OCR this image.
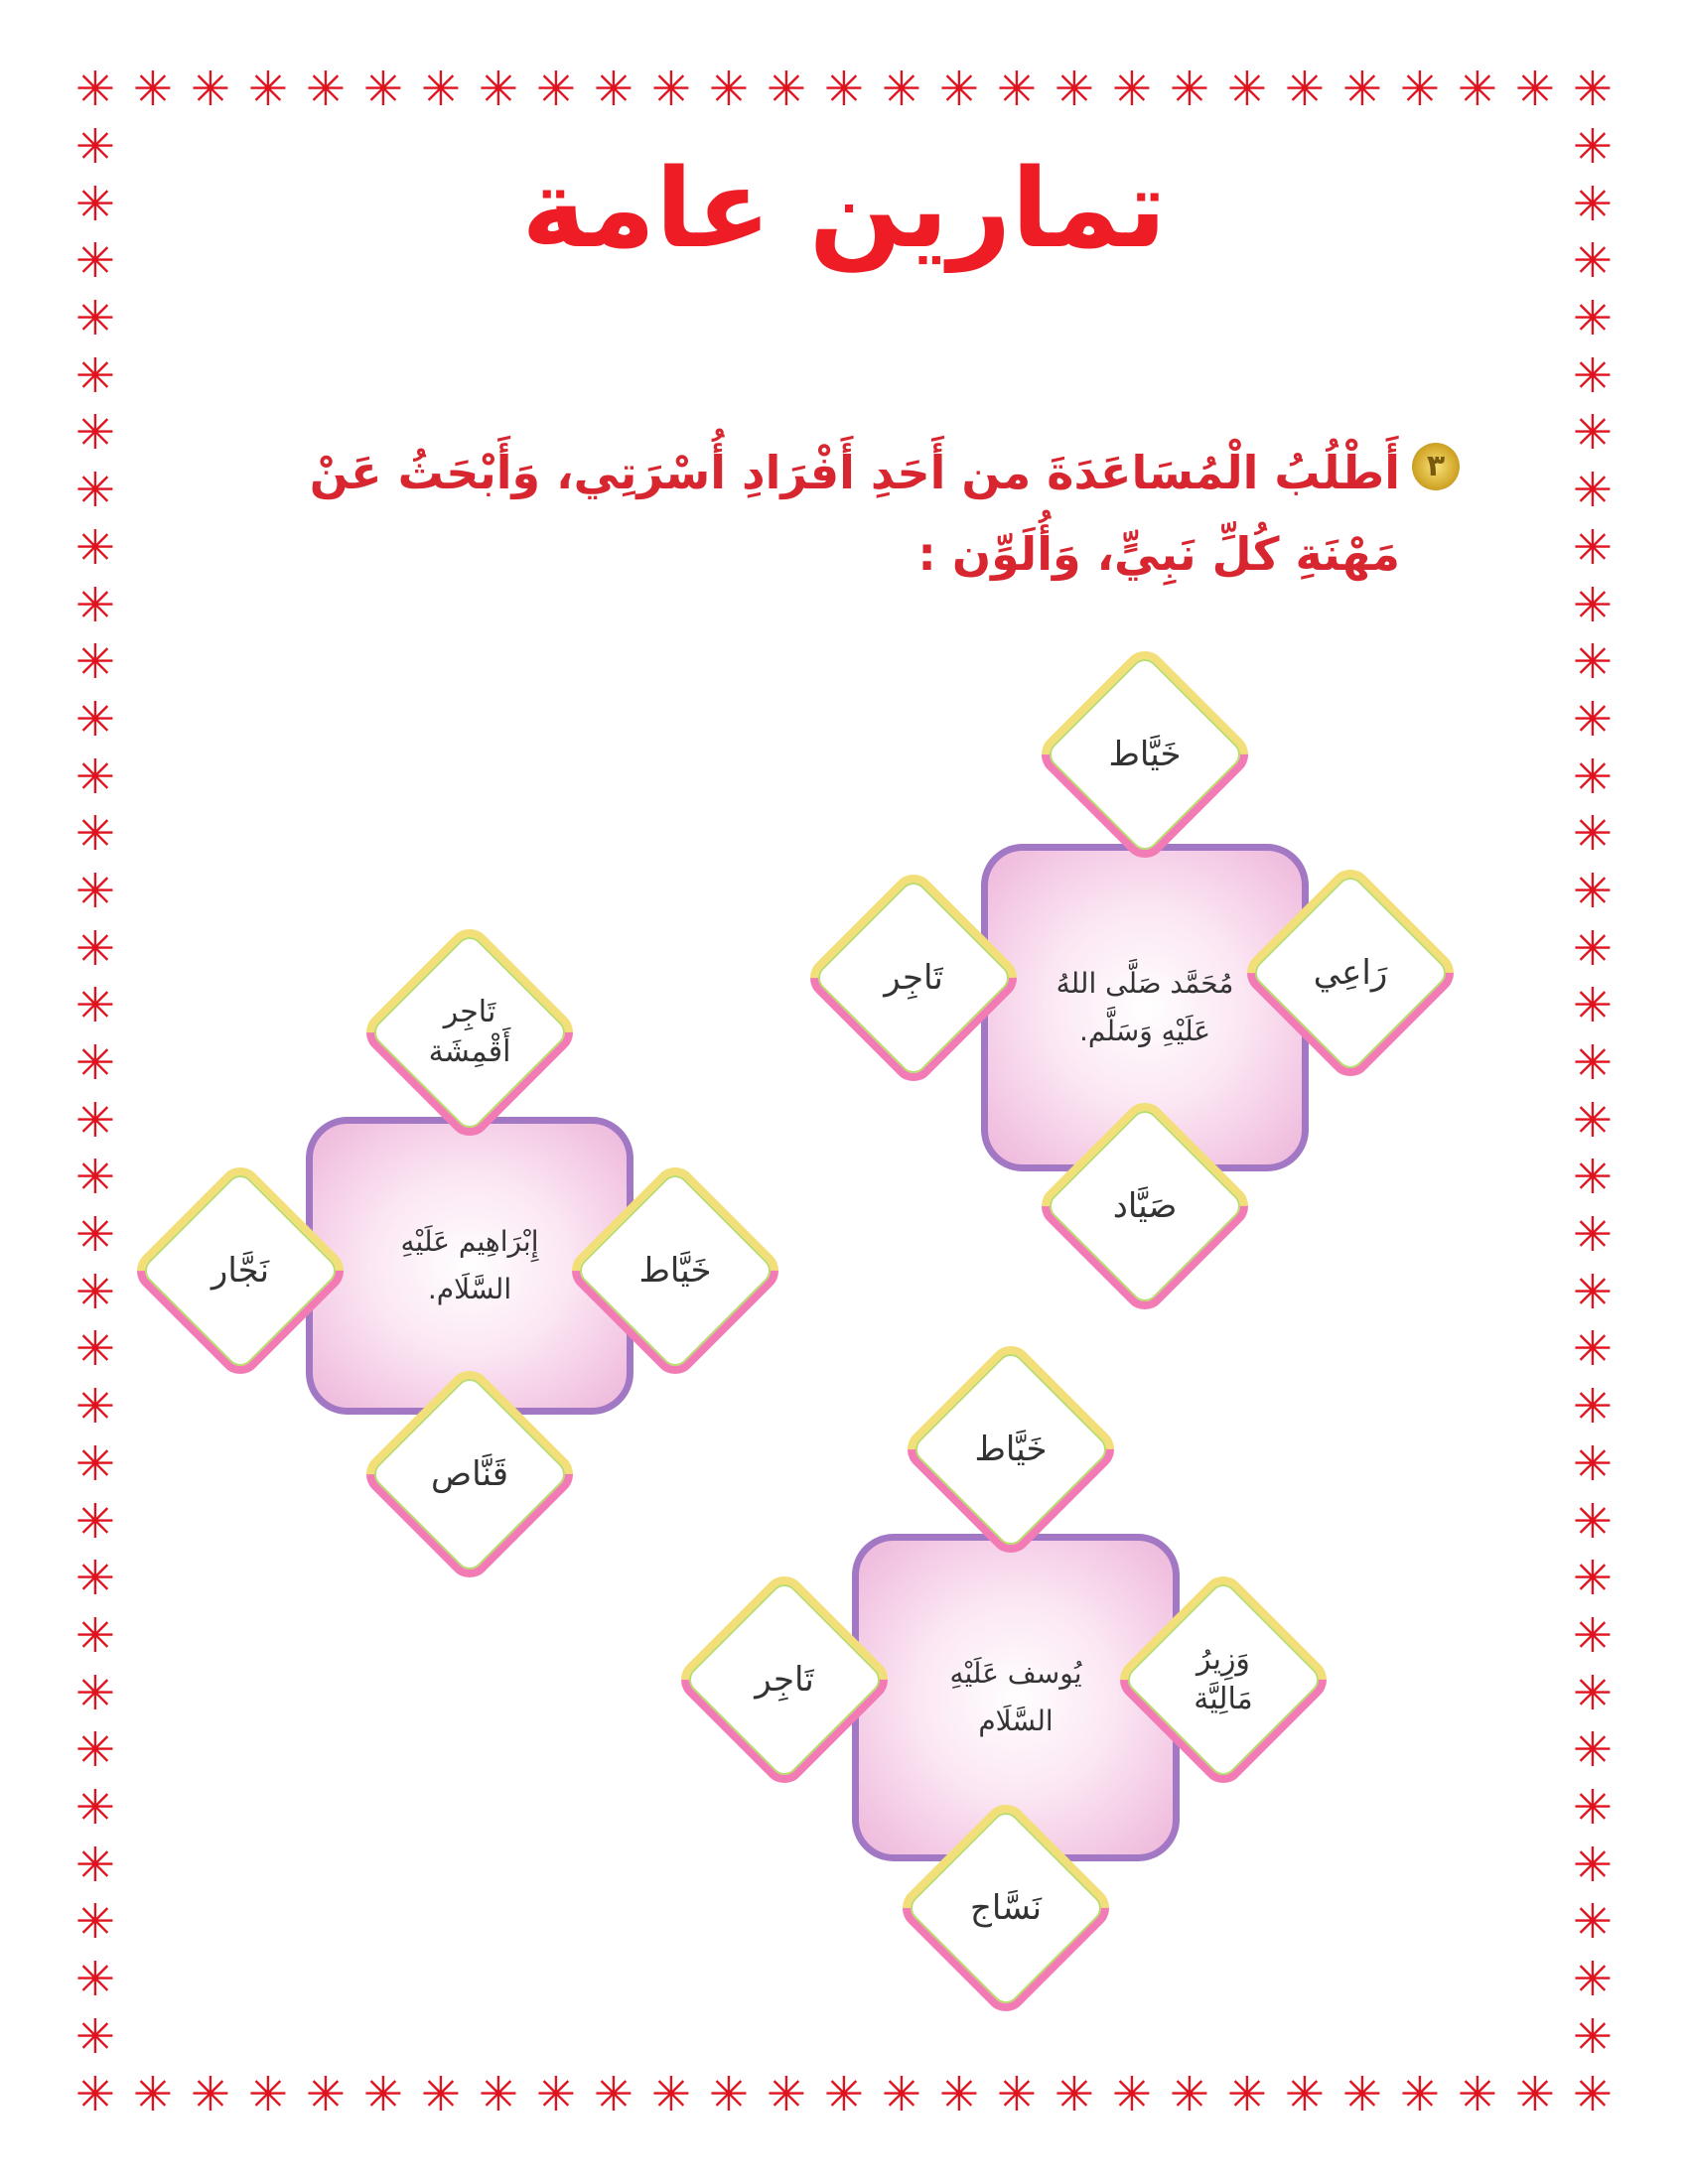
✳ ✳ ✳ ✳ ✳ ✳ ✳ ✳ ✳ ✳ ✳ ✳ ✳ ✳ ✳ ✳ ✳ ✳ ✳ ✳ ✳ ✳ ✳ ✳ ✳ ✳ ✳
✳ ✳ ✳ ✳ ✳ ✳ ✳ ✳ ✳ ✳ ✳ ✳ ✳ ✳ ✳ ✳ ✳ ✳ ✳ ✳ ✳ ✳ ✳ ✳ ✳ ✳ ✳
✳
✳
✳
✳
✳
✳
✳
✳
✳
✳
✳
✳
✳
✳
✳
✳
✳
✳
✳
✳
✳
✳
✳
✳
✳
✳
✳
✳
✳
✳
✳
✳
✳
✳
✳
✳
✳
✳
✳
✳
✳
✳
✳
✳
✳
✳
✳
✳
✳
✳
✳
✳
✳
✳
✳
✳
✳
✳
✳
✳
✳
✳
✳
✳
✳
✳
✳
✳
تمارين عامة
٣
أَطْلُبُ الْمُسَاعَدَةَ من أَحَدِ أَفْرَادِ أُسْرَتِي، وَأَبْحَثُ عَنْ
مَهْنَةِ كُلِّ نَبِيٍّ، وَأُلَوِّن :
مُحَمَّد صَلَّى اللهُ عَلَيْهِ وَسَلَّم.
خَيَّاط
رَاعِي
صَيَّاد
تَاجِر
إِبْرَاهِيم عَلَيْهِ السَّلَام.
تَاجِر أَقْمِشَة
خَيَّاط
قَنَّاص
نَجَّار
يُوسف عَلَيْهِ السَّلَام
خَيَّاط
وَزِيرُ مَالِيَّة
نَسَّاج
تَاجِر
